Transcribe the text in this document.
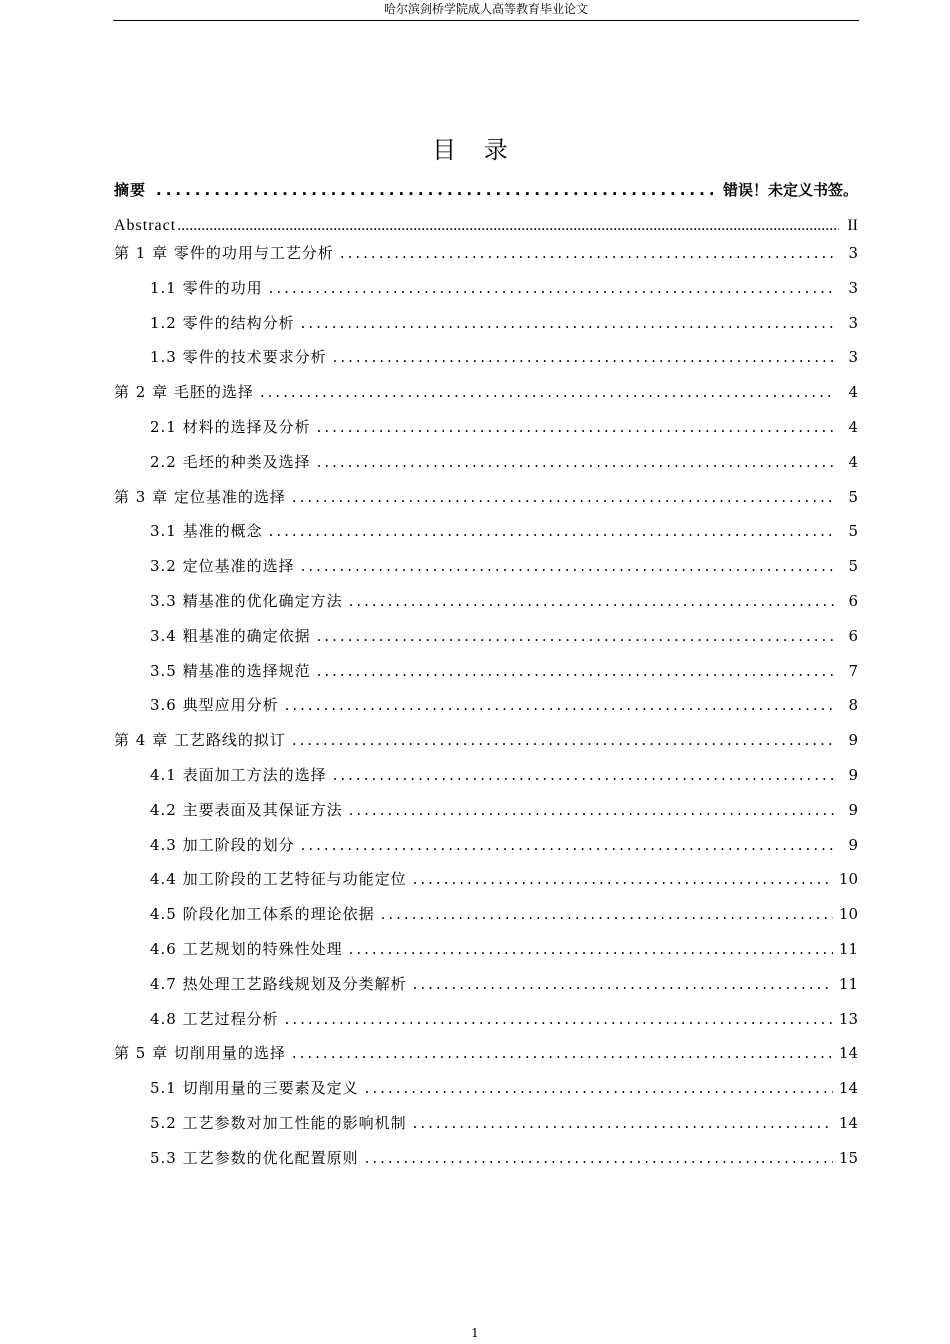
哈尔滨剑桥学院成人高等教育毕业论文
目 录
摘要 .....	错误！未定义书签。
Abstract .....	II
第 1 章 零件的功用与工艺分析 .....	3
1.1 零件的功用 .....	3
1.2 零件的结构分析 .....	3
1.3 零件的技术要求分析 .....	3
第 2 章 毛胚的选择 .....	4
2.1 材料的选择及分析 .....	4
2.2 毛坯的种类及选择 .....	4
第 3 章 定位基准的选择 .....	5
3.1 基准的概念 .....	5
3.2 定位基准的选择 .....	5
3.3 精基准的优化确定方法 .....	6
3.4 粗基准的确定依据 .....	6
3.5 精基准的选择规范 .....	7
3.6 典型应用分析 .....	8
第 4 章 工艺路线的拟订 .....	9
4.1 表面加工方法的选择 .....	9
4.2 主要表面及其保证方法 .....	9
4.3 加工阶段的划分 .....	9
4.4 加工阶段的工艺特征与功能定位 .....	10
4.5 阶段化加工体系的理论依据 .....	10
4.6 工艺规划的特殊性处理 .....	11
4.7 热处理工艺路线规划及分类解析 .....	11
4.8 工艺过程分析 .....	13
第 5 章 切削用量的选择 .....	14
5.1 切削用量的三要素及定义 .....	14
5.2 工艺参数对加工性能的影响机制 .....	14
5.3 工艺参数的优化配置原则 .....	15
1
